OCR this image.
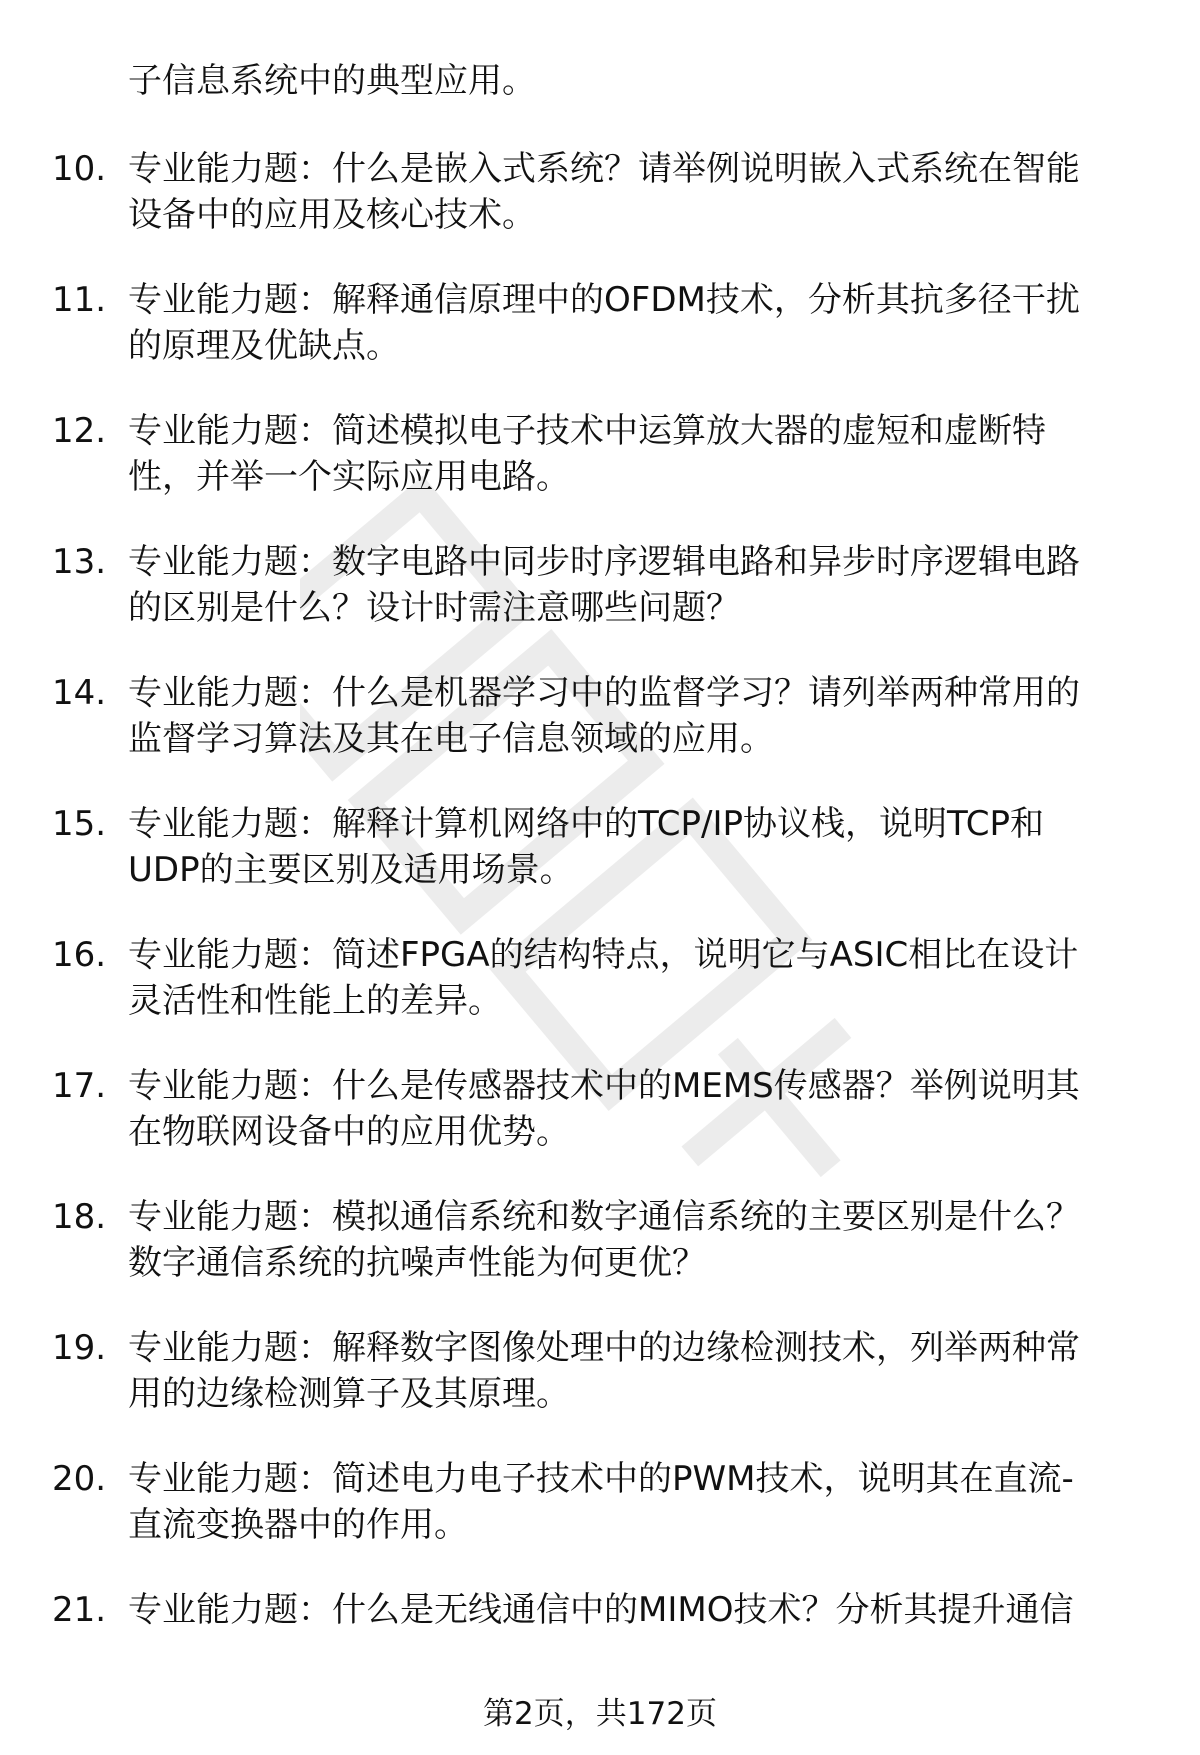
子信息系统中的典型应用。
10. 专业能力题：什么是嵌入式系统？请举例说明嵌入式系统在智能
设备中的应用及核心技术。
11. 专业能力题：解释通信原理中的OFDM技术，分析其抗多径干扰
的原理及优缺点。
12. 专业能力题：简述模拟电子技术中运算放大器的虚短和虚断特
性，并举一个实际应用电路。
13. 专业能力题：数字电路中同步时序逻辑电路和异步时序逻辑电路
的区别是什么？设计时需注意哪些问题？
14. 专业能力题：什么是机器学习中的监督学习？请列举两种常用的
监督学习算法及其在电子信息领域的应用。
15. 专业能力题：解释计算机网络中的TCP/IP协议栈，说明TCP和
UDP的主要区别及适用场景。
16. 专业能力题：简述FPGA的结构特点，说明它与ASIC相比在设计
灵活性和性能上的差异。
17. 专业能力题：什么是传感器技术中的MEMS传感器？举例说明其
在物联网设备中的应用优势。
18. 专业能力题：模拟通信系统和数字通信系统的主要区别是什么？
数字通信系统的抗噪声性能为何更优？
19. 专业能力题：解释数字图像处理中的边缘检测技术，列举两种常
用的边缘检测算子及其原理。
20. 专业能力题：简述电力电子技术中的PWM技术，说明其在直流-
直流变换器中的作用。
21. 专业能力题：什么是无线通信中的MIMO技术？分析其提升通信
第2页，共172页
